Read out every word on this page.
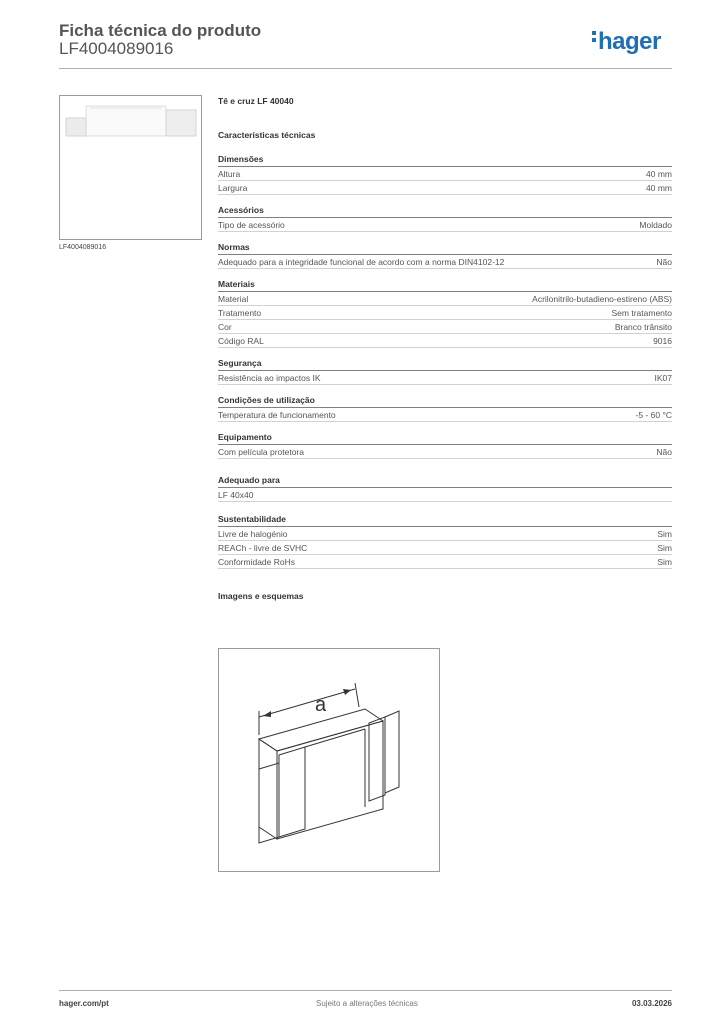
Ficha técnica do produto
LF4004089016	hager
LF4004089016
Tê e cruz LF 40040
Características técnicas
Dimensões
Altura	40 mm
Largura	40 mm
Acessórios
Tipo de acessório	Moldado
Normas
Adequado para a integridade funcional de acordo com a norma DIN4102-12	Não
Materiais
Material	Acrilonitrilo-butadieno-estireno (ABS)
Tratamento	Sem tratamento
Cor	Branco trânsito
Código RAL	9016
Segurança
Resistência ao impactos IK	IK07
Condições de utilização
Temperatura de funcionamento	-5 - 60 °C
Equipamento
Com película protetora	Não
Adequado para
LF 40x40
Sustentabilidade
Livre de halogénio	Sim
REACh - livre de SVHC	Sim
Conformidade RoHs	Sim
Imagens e esquemas
a
hager.com/pt	Sujeito a alterações técnicas	03.03.2026
